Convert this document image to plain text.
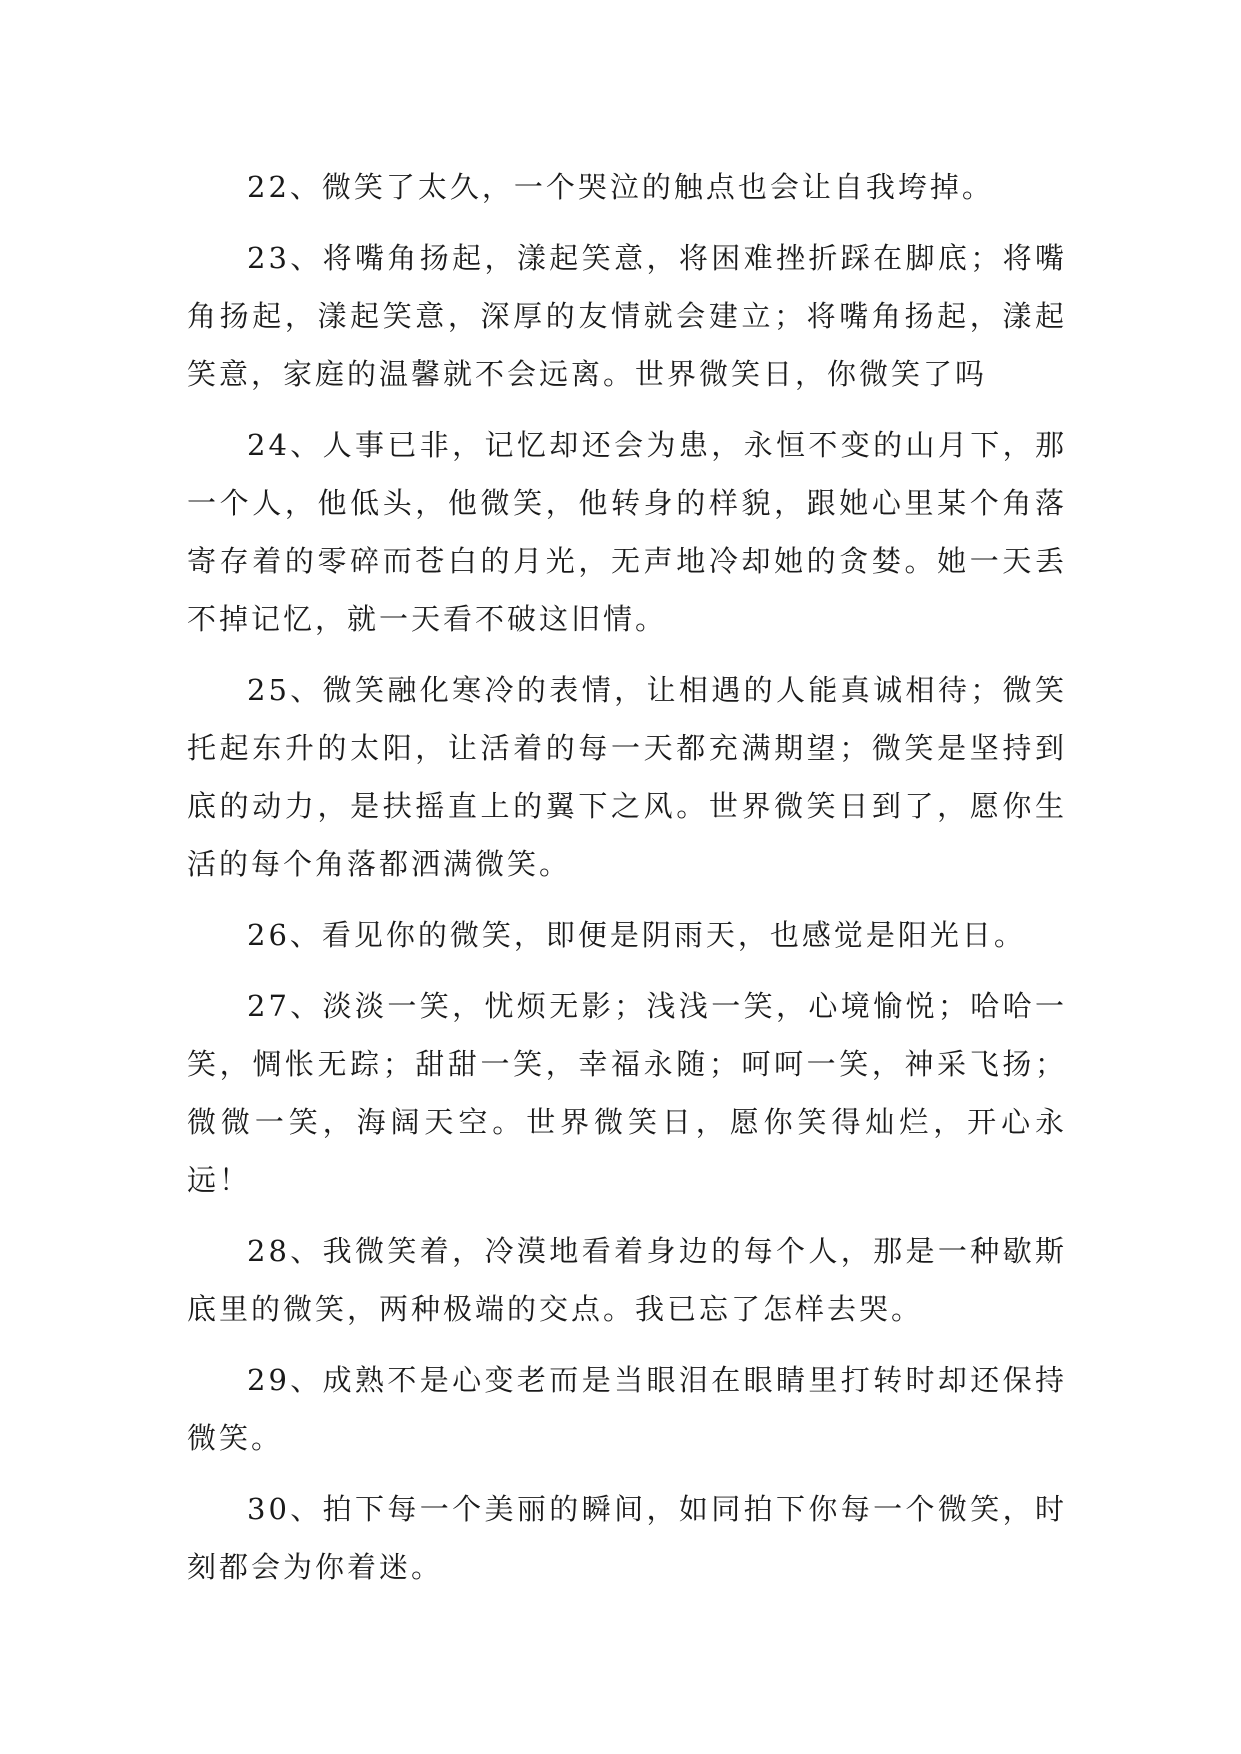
22、微笑了太久，一个哭泣的触点也会让自我垮掉。

23、将嘴角扬起，漾起笑意，将困难挫折踩在脚底；将嘴角扬起，漾起笑意，深厚的友情就会建立；将嘴角扬起，漾起笑意，家庭的温馨就不会远离。世界微笑日，你微笑了吗

24、人事已非，记忆却还会为患，永恒不变的山月下，那一个人，他低头，他微笑，他转身的样貌，跟她心里某个角落寄存着的零碎而苍白的月光，无声地冷却她的贪婪。她一天丢不掉记忆，就一天看不破这旧情。

25、微笑融化寒冷的表情，让相遇的人能真诚相待；微笑托起东升的太阳，让活着的每一天都充满期望；微笑是坚持到底的动力，是扶摇直上的翼下之风。世界微笑日到了，愿你生活的每个角落都洒满微笑。

26、看见你的微笑，即便是阴雨天，也感觉是阳光日。

27、淡淡一笑，忧烦无影；浅浅一笑，心境愉悦；哈哈一笑，惆怅无踪；甜甜一笑，幸福永随；呵呵一笑，神采飞扬；微微一笑，海阔天空。世界微笑日，愿你笑得灿烂，开心永远！

28、我微笑着，冷漠地看着身边的每个人，那是一种歇斯底里的微笑，两种极端的交点。我已忘了怎样去哭。

29、成熟不是心变老而是当眼泪在眼睛里打转时却还保持微笑。

30、拍下每一个美丽的瞬间，如同拍下你每一个微笑，时刻都会为你着迷。
